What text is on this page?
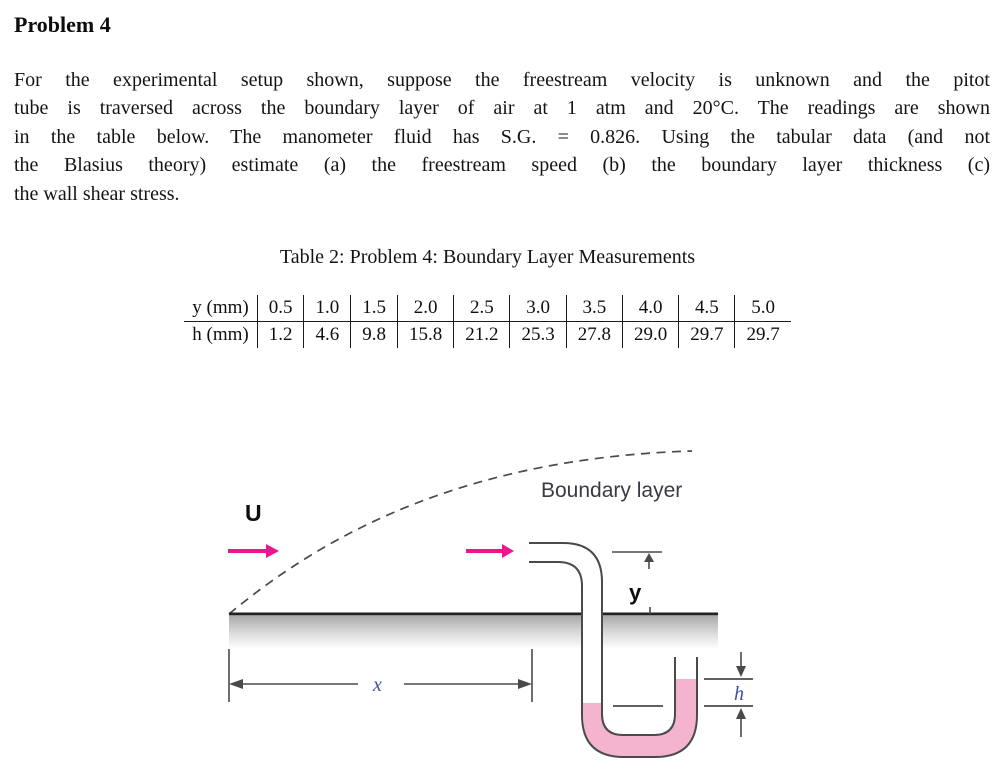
Problem 4
For the experimental setup shown, suppose the freestream velocity is unknown and the pitot
tube is traversed across the boundary layer of air at 1 atm and 20°C. The readings are shown
in the table below. The manometer fluid has S.G. = 0.826. Using the tabular data (and not
the Blasius theory) estimate (a) the freestream speed (b) the boundary layer thickness (c)
the wall shear stress.
Table 2: Problem 4: Boundary Layer Measurements
y (mm)	0.5	1.0	1.5	2.0	2.5	3.0	3.5	4.0	4.5	5.0
h (mm)	1.2	4.6	9.8	15.8	21.2	25.3	27.8	29.0	29.7	29.7
U
Boundary layer
y
x	h
